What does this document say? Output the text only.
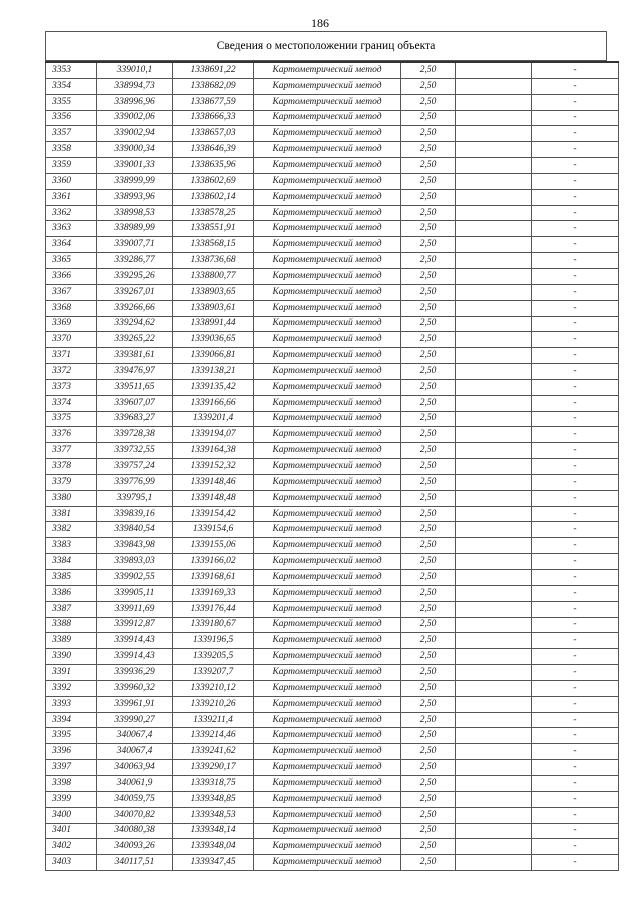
186
Сведения о местоположении границ объекта
3353	339010,1	1338691,22	Картометрический метод	2,50		-
3354	338994,73	1338682,09	Картометрический метод	2,50		-
3355	338996,96	1338677,59	Картометрический метод	2,50		-
3356	339002,06	1338666,33	Картометрический метод	2,50		-
3357	339002,94	1338657,03	Картометрический метод	2,50		-
3358	339000,34	1338646,39	Картометрический метод	2,50		-
3359	339001,33	1338635,96	Картометрический метод	2,50		-
3360	338999,99	1338602,69	Картометрический метод	2,50		-
3361	338993,96	1338602,14	Картометрический метод	2,50		-
3362	338998,53	1338578,25	Картометрический метод	2,50		-
3363	338989,99	1338551,91	Картометрический метод	2,50		-
3364	339007,71	1338568,15	Картометрический метод	2,50		-
3365	339286,77	1338736,68	Картометрический метод	2,50		-
3366	339295,26	1338800,77	Картометрический метод	2,50		-
3367	339267,01	1338903,65	Картометрический метод	2,50		-
3368	339266,66	1338903,61	Картометрический метод	2,50		-
3369	339294,62	1338991,44	Картометрический метод	2,50		-
3370	339265,22	1339036,65	Картометрический метод	2,50		-
3371	339381,61	1339066,81	Картометрический метод	2,50		-
3372	339476,97	1339138,21	Картометрический метод	2,50		-
3373	339511,65	1339135,42	Картометрический метод	2,50		-
3374	339607,07	1339166,66	Картометрический метод	2,50		-
3375	339683,27	1339201,4	Картометрический метод	2,50		-
3376	339728,38	1339194,07	Картометрический метод	2,50		-
3377	339732,55	1339164,38	Картометрический метод	2,50		-
3378	339757,24	1339152,32	Картометрический метод	2,50		-
3379	339776,99	1339148,46	Картометрический метод	2,50		-
3380	339795,1	1339148,48	Картометрический метод	2,50		-
3381	339839,16	1339154,42	Картометрический метод	2,50		-
3382	339840,54	1339154,6	Картометрический метод	2,50		-
3383	339843,98	1339155,06	Картометрический метод	2,50		-
3384	339893,03	1339166,02	Картометрический метод	2,50		-
3385	339902,55	1339168,61	Картометрический метод	2,50		-
3386	339905,11	1339169,33	Картометрический метод	2,50		-
3387	339911,69	1339176,44	Картометрический метод	2,50		-
3388	339912,87	1339180,67	Картометрический метод	2,50		-
3389	339914,43	1339196,5	Картометрический метод	2,50		-
3390	339914,43	1339205,5	Картометрический метод	2,50		-
3391	339936,29	1339207,7	Картометрический метод	2,50		-
3392	339960,32	1339210,12	Картометрический метод	2,50		-
3393	339961,91	1339210,26	Картометрический метод	2,50		-
3394	339990,27	1339211,4	Картометрический метод	2,50		-
3395	340067,4	1339214,46	Картометрический метод	2,50		-
3396	340067,4	1339241,62	Картометрический метод	2,50		-
3397	340063,94	1339290,17	Картометрический метод	2,50		-
3398	340061,9	1339318,75	Картометрический метод	2,50		-
3399	340059,75	1339348,85	Картометрический метод	2,50		-
3400	340070,82	1339348,53	Картометрический метод	2,50		-
3401	340080,38	1339348,14	Картометрический метод	2,50		-
3402	340093,26	1339348,04	Картометрический метод	2,50		-
3403	340117,51	1339347,45	Картометрический метод	2,50		-
